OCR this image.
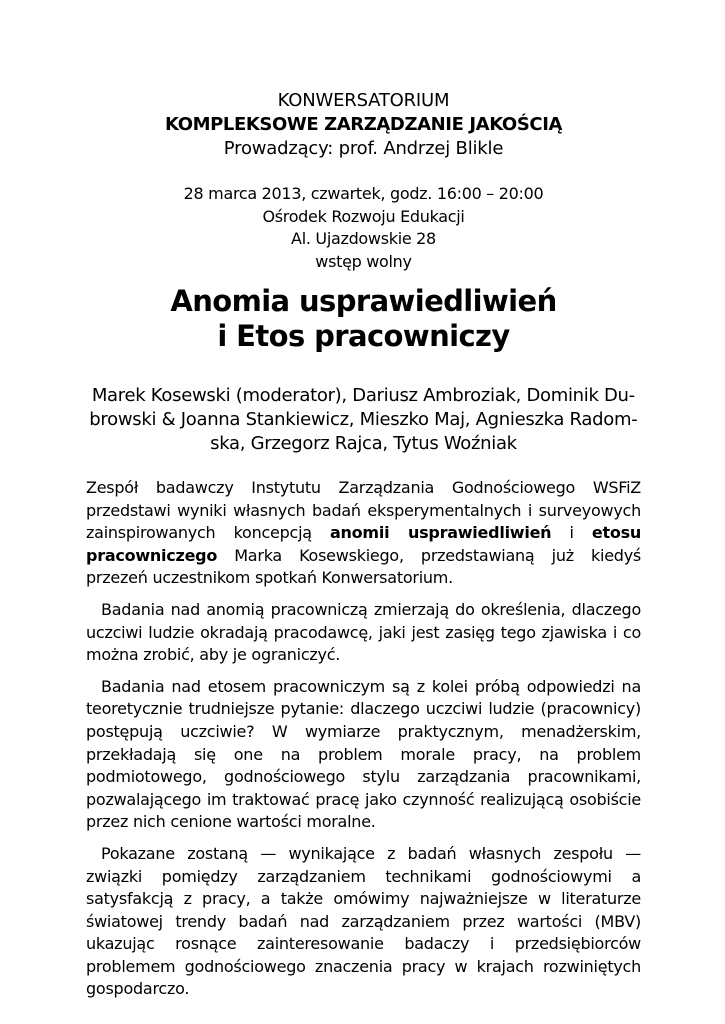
KONWERSATORIUM
KOMPLEKSOWE ZARZĄDZANIE JAKOŚCIĄ
Prowadzący: prof. Andrzej Blikle
28 marca 2013, czwartek, godz. 16:00 – 20:00
Ośrodek Rozwoju Edukacji
Al. Ujazdowskie 28
wstęp wolny
Anomia usprawiedliwień
i Etos pracowniczy
Marek Kosewski (moderator), Dariusz Ambroziak, Dominik Dubrowski & Joanna Stankiewicz, Mieszko Maj, Agnieszka Radomska, Grzegorz Rajca, Tytus Woźniak

Zespół badawczy Instytutu Zarządzania Godnościowego WSFiZ przedstawi wyniki własnych badań eksperymentalnych i surveyowych zainspirowanych koncepcją anomii usprawiedliwień i etosu pracowniczego Marka Kosewskiego, przedstawianą już kiedyś przezeń uczestnikom spotkań Konwersatorium.

Badania nad anomią pracowniczą zmierzają do określenia, dlaczego uczciwi ludzie okradają pracodawcę, jaki jest zasięg tego zjawiska i co można zrobić, aby je ograniczyć.

Badania nad etosem pracowniczym są z kolei próbą odpowiedzi na teoretycznie trudniejsze pytanie: dlaczego uczciwi ludzie (pracownicy) postępują uczciwie? W wymiarze praktycznym, menadżerskim, przekładają się one na problem morale pracy, na problem podmiotowego, godnościowego stylu zarządzania pracownikami, pozwalającego im traktować pracę jako czynność realizującą osobiście przez nich cenione wartości moralne.

Pokazane zostaną — wynikające z badań własnych zespołu — związki pomiędzy zarządzaniem technikami godnościowymi a satysfakcją z pracy, a także omówimy najważniejsze w literaturze światowej trendy badań nad zarządzaniem przez wartości (MBV) ukazując rosnące zainteresowanie badaczy i przedsiębiorców problemem godnościowego znaczenia pracy w krajach rozwiniętych gospodarczo.
